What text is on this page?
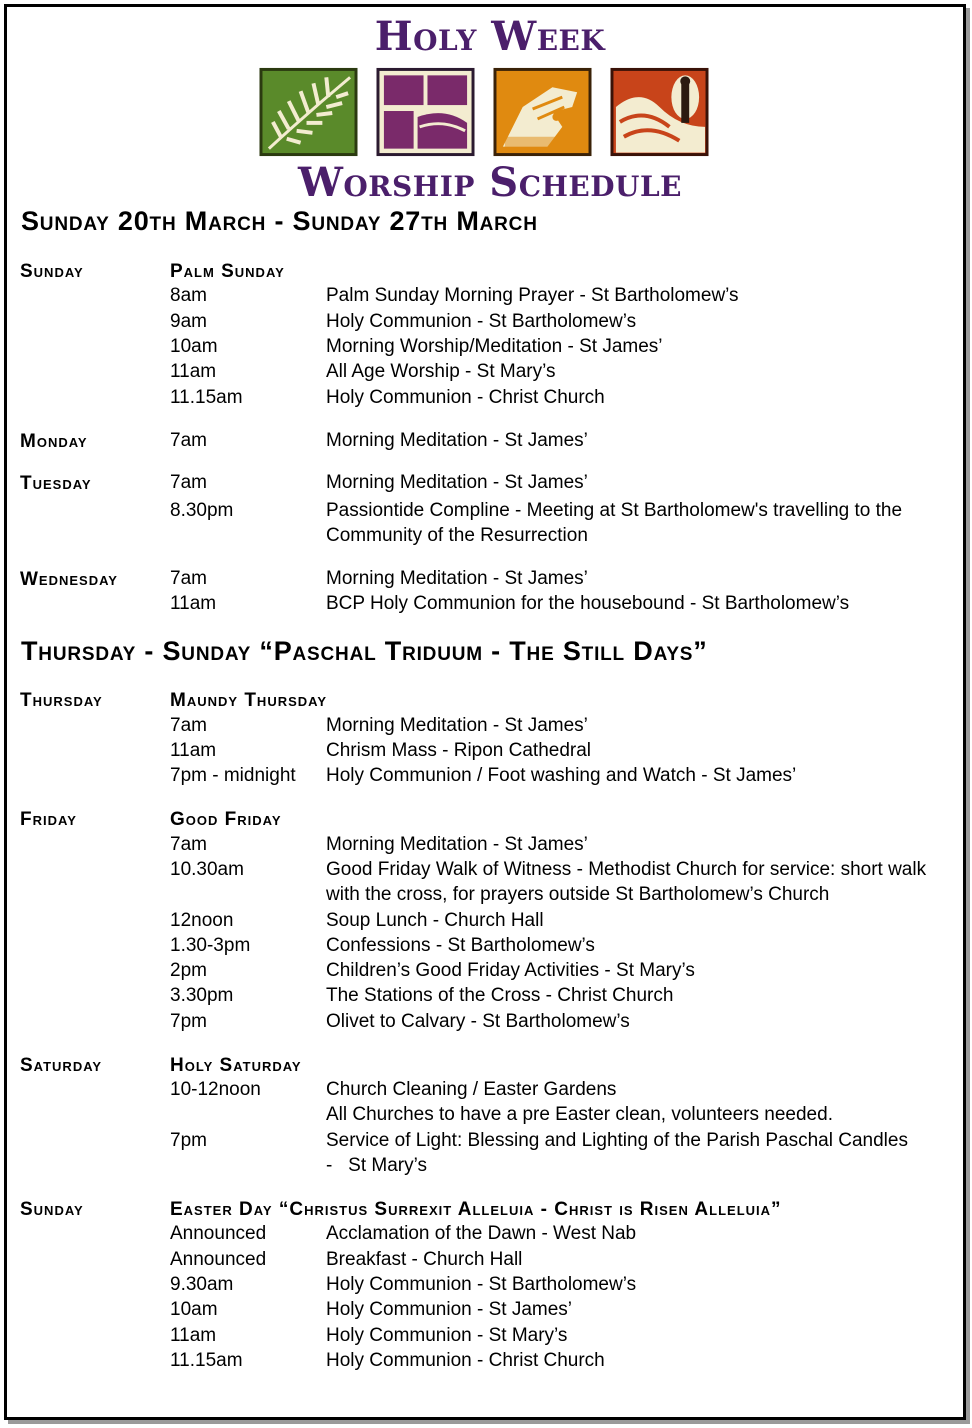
Holy Week
Worship Schedule
Sunday 20th March - Sunday 27th March
Sunday	Palm Sunday
8am	Palm Sunday Morning Prayer - St Bartholomew’s
9am	Holy Communion - St Bartholomew’s
10am	Morning Worship/Meditation - St James’
11am	All Age Worship - St Mary’s
11.15am	Holy Communion - Christ Church
Monday	7am	Morning Meditation - St James’
Tuesday	7am	Morning Meditation - St James’
8.30pm	Passiontide Compline - Meeting at St Bartholomew's travelling to the Community of the Resurrection
Wednesday	7am	Morning Meditation - St James’
11am	BCP Holy Communion for the housebound - St Bartholomew’s
Thursday - Sunday “Paschal Triduum - The Still Days”
Thursday	Maundy Thursday
7am	Morning Meditation - St James’
11am	Chrism Mass - Ripon Cathedral
7pm - midnight Holy Communion / Foot washing and Watch - St James’
Friday	Good Friday
7am	Morning Meditation - St James’
10.30am	Good Friday Walk of Witness - Methodist Church for service: short walk with the cross, for prayers outside St Bartholomew’s Church
12noon	Soup Lunch - Church Hall
1.30-3pm	Confessions - St Bartholomew’s
2pm	Children’s Good Friday Activities - St Mary’s
3.30pm	The Stations of the Cross - Christ Church
7pm	Olivet to Calvary - St Bartholomew’s
Saturday	Holy Saturday
10-12noon	Church Cleaning / Easter Gardens
All Churches to have a pre Easter clean, volunteers needed.
7pm	Service of Light: Blessing and Lighting of the Parish Paschal Candles -   St Mary’s
Sunday	Easter Day “Christus Surrexit Alleluia - Christ is Risen Alleluia”
Announced	Acclamation of the Dawn - West Nab
Announced	Breakfast - Church Hall
9.30am	Holy Communion - St Bartholomew’s
10am	Holy Communion - St James’
11am	Holy Communion - St Mary’s
11.15am	Holy Communion - Christ Church
